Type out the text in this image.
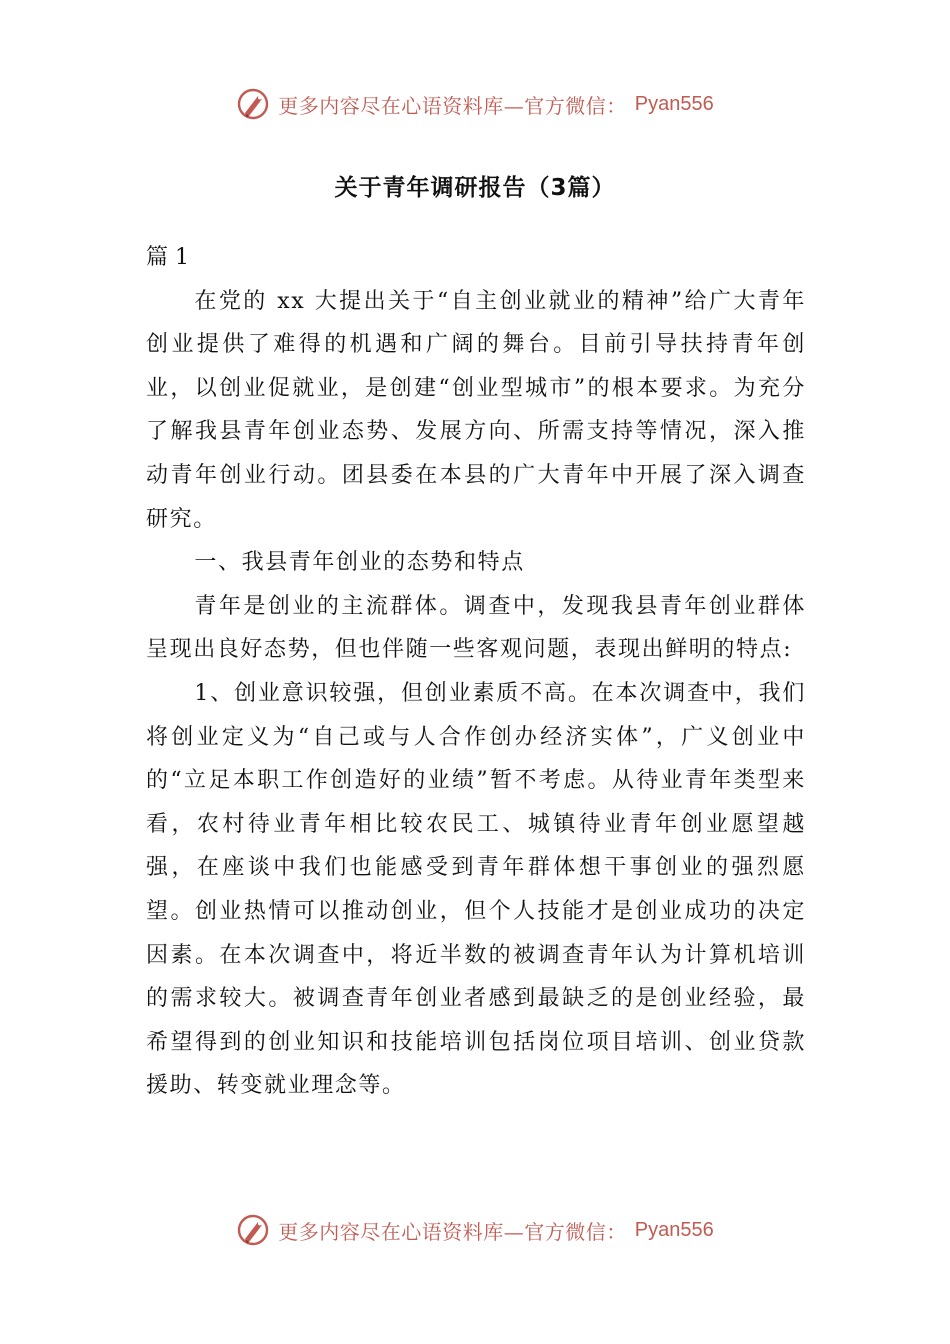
更多内容尽在心语资料库—官方微信： Pyan556
关于青年调研报告（3篇）

篇 1

在党的 xx 大提出关于“自主创业就业的精神”给广大青年创业提供了难得的机遇和广阔的舞台。目前引导扶持青年创业，以创业促就业，是创建“创业型城市”的根本要求。为充分了解我县青年创业态势、发展方向、所需支持等情况，深入推动青年创业行动。团县委在本县的广大青年中开展了深入调查研究。

一、我县青年创业的态势和特点

青年是创业的主流群体。调查中，发现我县青年创业群体呈现出良好态势，但也伴随一些客观问题，表现出鲜明的特点:

1、创业意识较强，但创业素质不高。在本次调查中，我们将创业定义为“自己或与人合作创办经济实体”，广义创业中的“立足本职工作创造好的业绩”暂不考虑。从待业青年类型来看，农村待业青年相比较农民工、城镇待业青年创业愿望越强，在座谈中我们也能感受到青年群体想干事创业的强烈愿望。创业热情可以推动创业，但个人技能才是创业成功的决定因素。在本次调查中，将近半数的被调查青年认为计算机培训的需求较大。被调查青年创业者感到最缺乏的是创业经验，最希望得到的创业知识和技能培训包括岗位项目培训、创业贷款援助、转变就业理念等。

更多内容尽在心语资料库—官方微信： Pyan556
